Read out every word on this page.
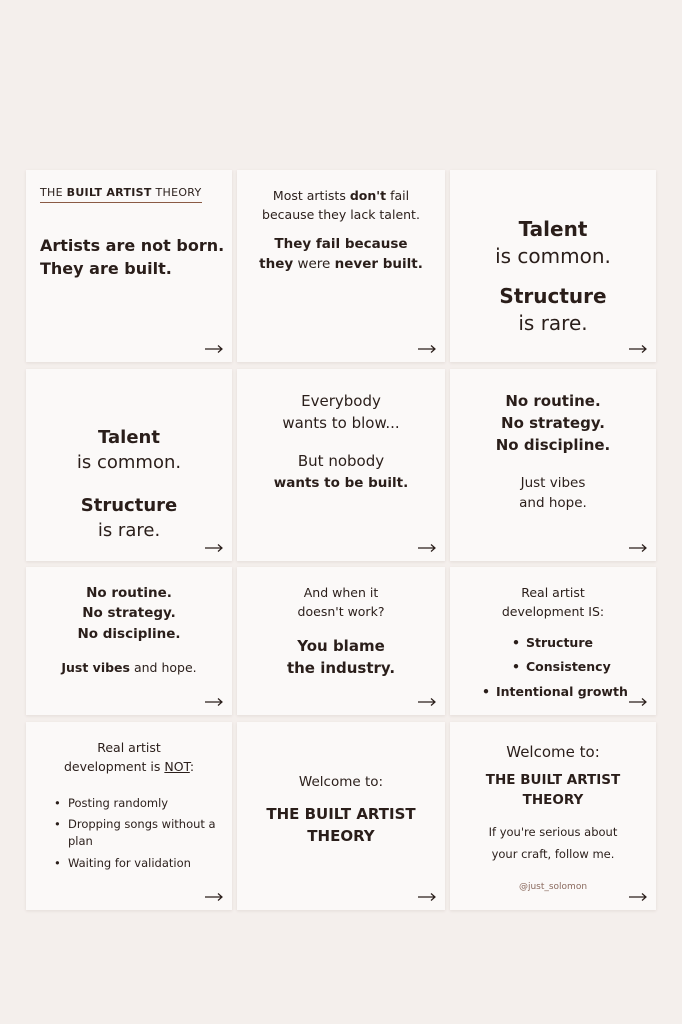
THE BUILT ARTIST THEORY
Artists are not born.
They are built.
Most artists don't fail
because they lack talent.
They fail because
they were never built.
Talent
is common.
Structure
is rare.
Talent
is common.
Structure
is rare.
Everybody
wants to blow...
But nobody
wants to be built.
No routine.
No strategy.
No discipline.
Just vibes
and hope.
No routine.
No strategy.
No discipline.
Just vibes and hope.
And when it
doesn't work?
You blame
the industry.
Real artist
development IS:
• Structure
• Consistency
• Intentional growth
Real artist
development is NOT:
• Posting randomly
• Dropping songs without a plan
• Waiting for validation
Welcome to:
THE BUILT ARTIST
THEORY
Welcome to:
THE BUILT ARTIST
THEORY
If you're serious about
your craft, follow me.
@just_solomon
